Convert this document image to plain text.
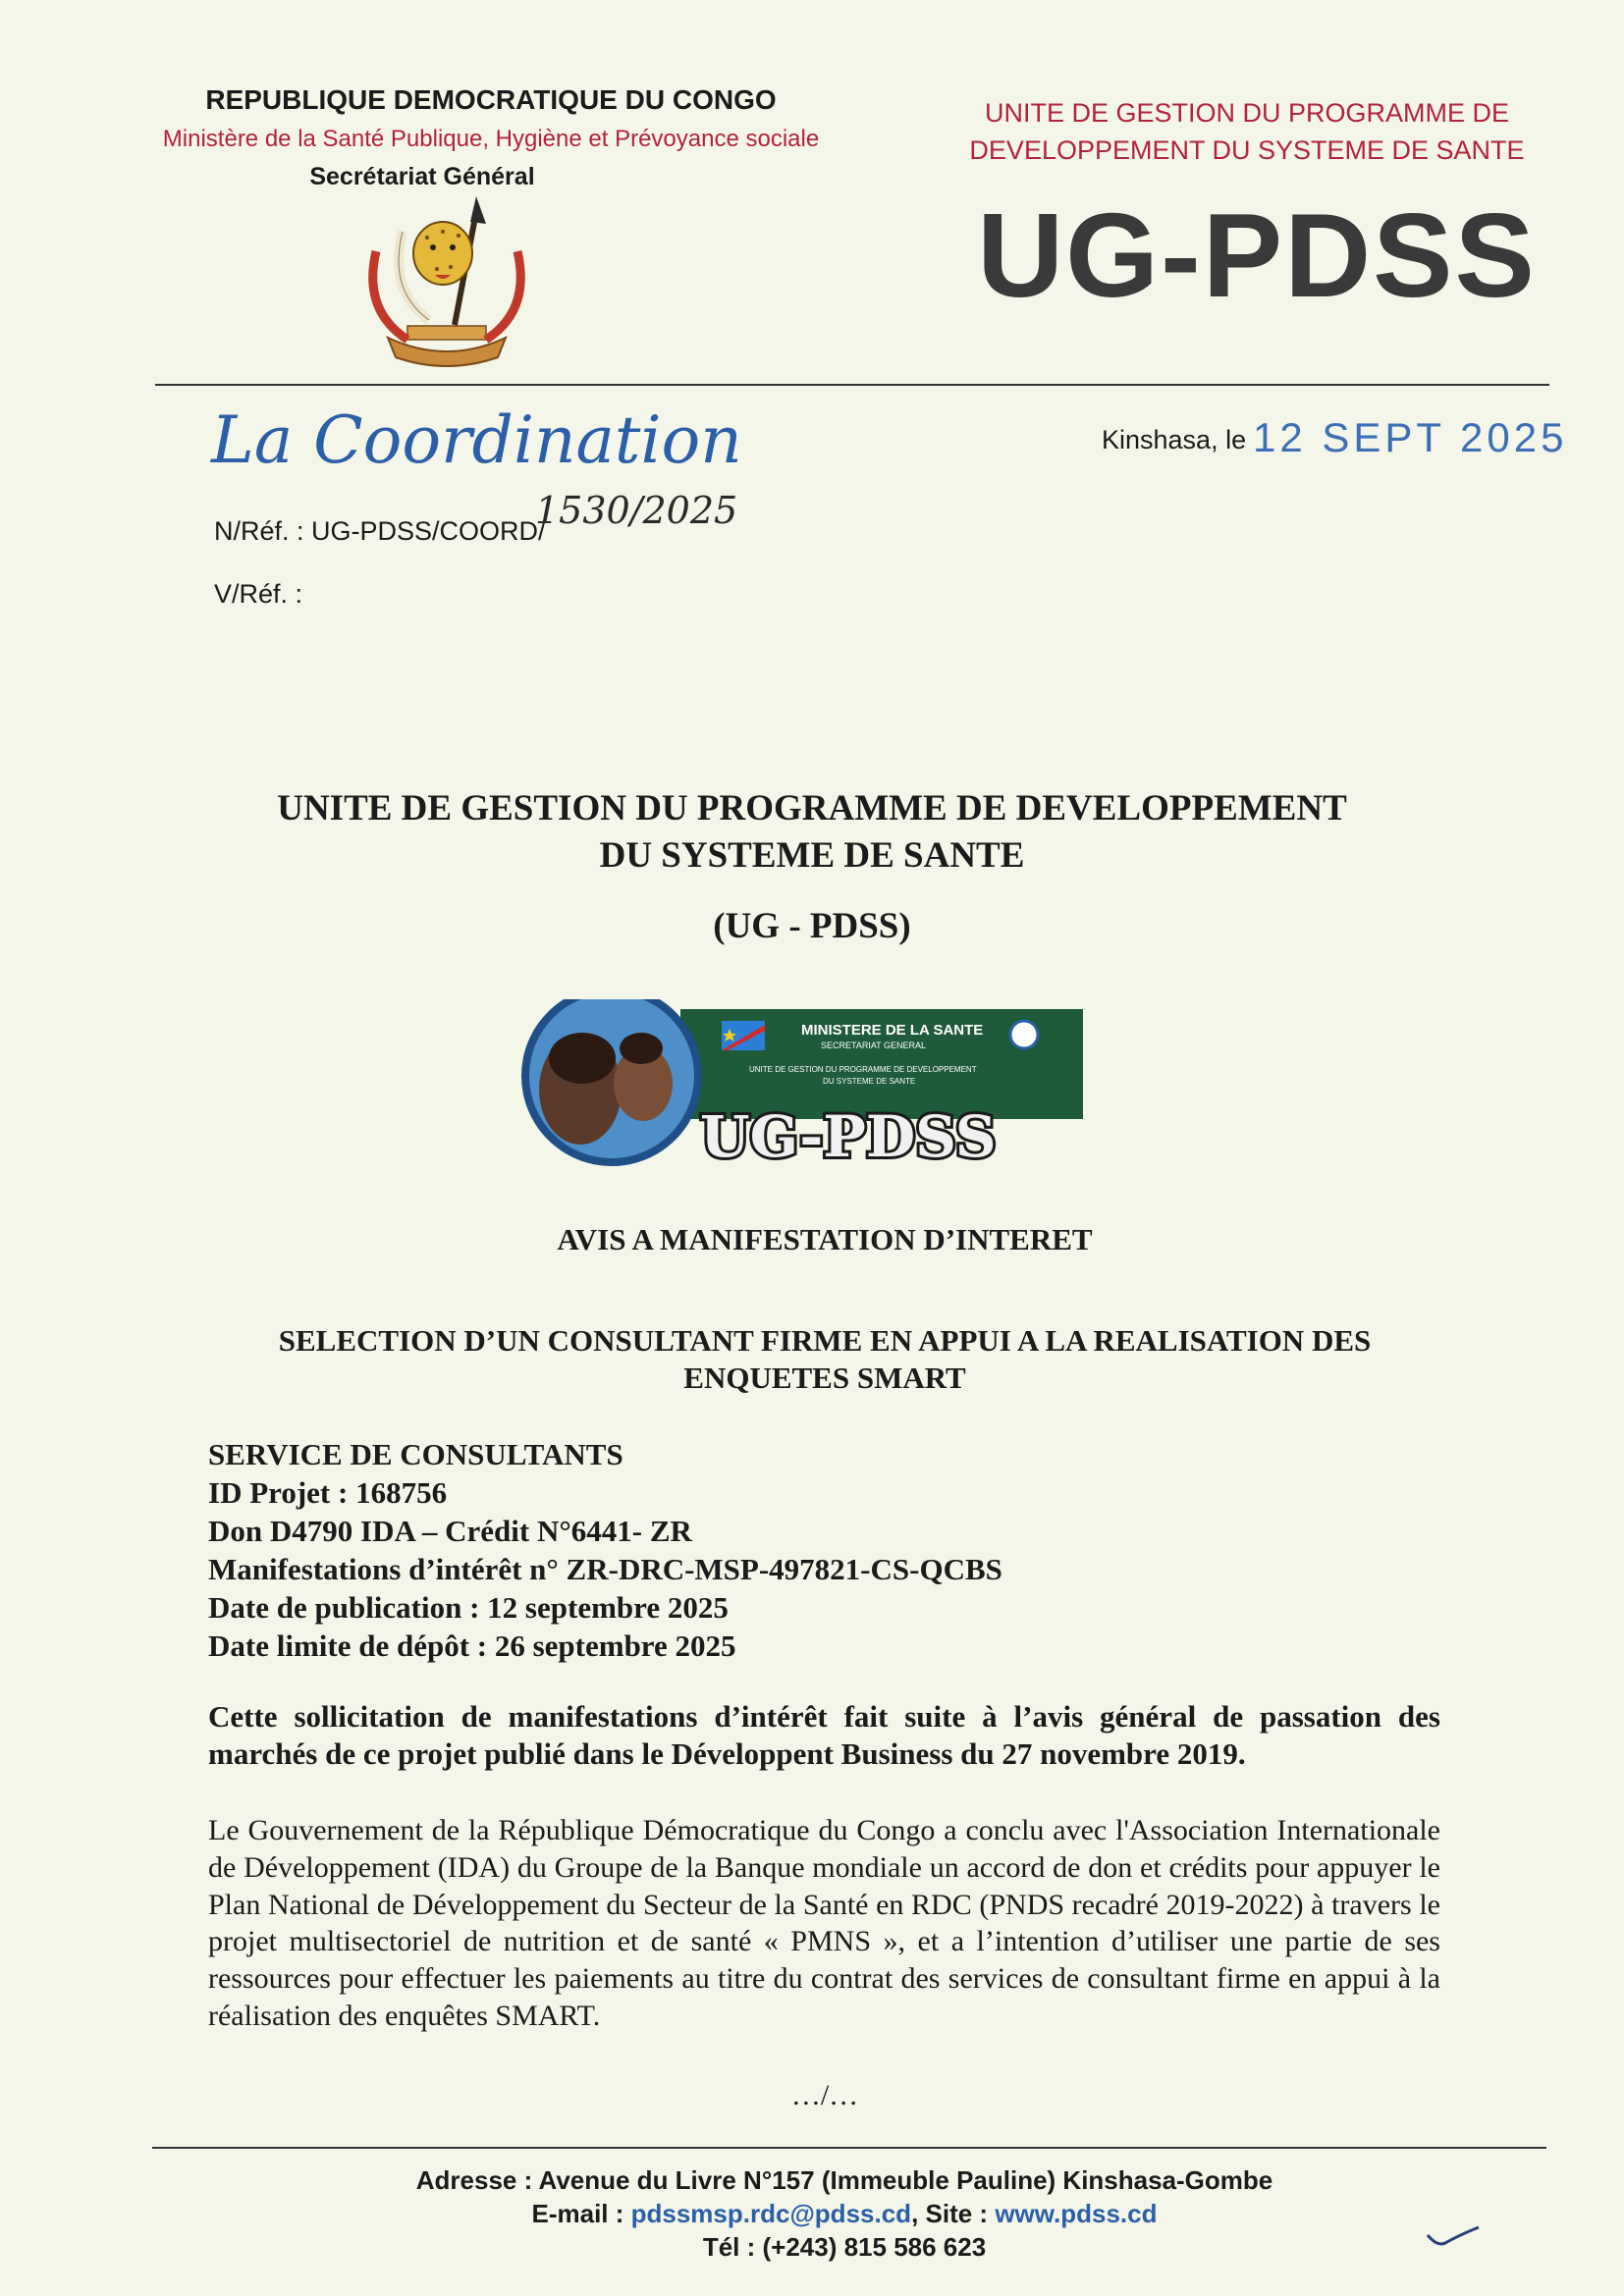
REPUBLIQUE DEMOCRATIQUE DU CONGO
Ministère de la Santé Publique, Hygiène et Prévoyance sociale
Secrétariat Général
UNITE DE GESTION DU PROGRAMME DE
DEVELOPPEMENT DU SYSTEME DE SANTE
UG-PDSS
La Coordination	Kinshasa, le 12 SEPT 2025
N/Réf. : UG-PDSS/COORD/
1530/2025
V/Réf. :
UNITE DE GESTION DU PROGRAMME DE DEVELOPPEMENT
DU SYSTEME DE SANTE
(UG - PDSS)
MINISTERE DE LA SANTE
SECRETARIAT GENERAL
UNITE DE GESTION DU PROGRAMME DE DEVELOPPEMENT
DU SYSTEME DE SANTE
UG-PDSS
AVIS A MANIFESTATION D’INTERET
SELECTION D’UN CONSULTANT FIRME EN APPUI A LA REALISATION DES
ENQUETES SMART
SERVICE DE CONSULTANTS
ID Projet : 168756
Don D4790 IDA – Crédit N°6441- ZR
Manifestations d’intérêt n° ZR-DRC-MSP-497821-CS-QCBS
Date de publication : 12 septembre 2025
Date limite de dépôt : 26 septembre 2025
Cette sollicitation de manifestations d’intérêt fait suite à l’avis général de passation des marchés de ce projet publié dans le Développent Business du 27 novembre 2019.
Le Gouvernement de la République Démocratique du Congo a conclu avec l'Association Internationale de Développement (IDA) du Groupe de la Banque mondiale un accord de don et crédits pour appuyer le Plan National de Développement du Secteur de la Santé en RDC (PNDS recadré 2019-2022) à travers le projet multisectoriel de nutrition et de santé « PMNS », et a l’intention d’utiliser une partie de ses ressources pour effectuer les paiements au titre du contrat des services de consultant firme en appui à la réalisation des enquêtes SMART.
…/…
Adresse : Avenue du Livre N°157 (Immeuble Pauline) Kinshasa-Gombe
E-mail : pdssmsp.rdc@pdss.cd, Site : www.pdss.cd
Tél : (+243) 815 586 623
